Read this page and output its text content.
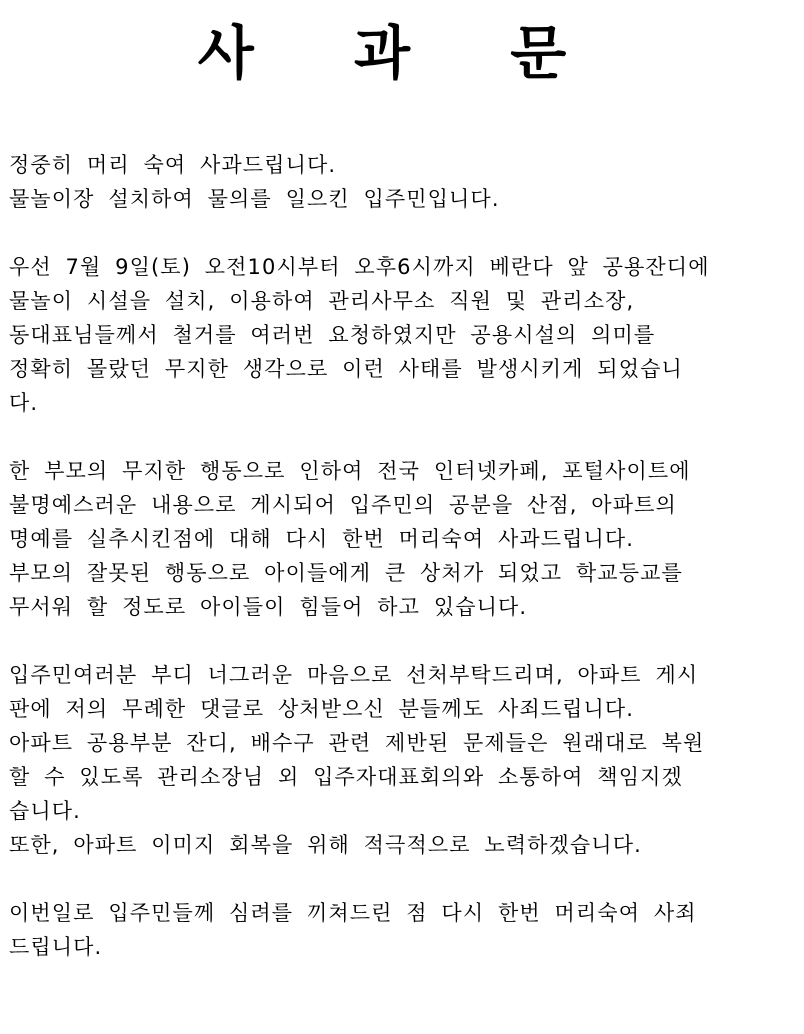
사 과 문
정중히 머리 숙여 사과드립니다.
물놀이장 설치하여 물의를 일으킨 입주민입니다.
우선 7월 9일(토) 오전10시부터 오후6시까지 베란다 앞 공용잔디에
물놀이 시설을 설치, 이용하여 관리사무소 직원 및 관리소장,
동대표님들께서 철거를 여러번 요청하였지만 공용시설의 의미를
정확히 몰랐던 무지한 생각으로 이런 사태를 발생시키게 되었습니
다.
한 부모의 무지한 행동으로 인하여 전국 인터넷카페, 포털사이트에
불명예스러운 내용으로 게시되어 입주민의 공분을 산점, 아파트의
명예를 실추시킨점에 대해 다시 한번 머리숙여 사과드립니다.
부모의 잘못된 행동으로 아이들에게 큰 상처가 되었고 학교등교를
무서워 할 정도로 아이들이 힘들어 하고 있습니다.
입주민여러분 부디 너그러운 마음으로 선처부탁드리며, 아파트 게시
판에 저의 무례한 댓글로 상처받으신 분들께도 사죄드립니다.
아파트 공용부분 잔디, 배수구 관련 제반된 문제들은 원래대로 복원
할 수 있도록 관리소장님 외 입주자대표회의와 소통하여 책임지겠
습니다.
또한, 아파트 이미지 회복을 위해 적극적으로 노력하겠습니다.
이번일로 입주민들께 심려를 끼쳐드린 점 다시 한번 머리숙여 사죄
드립니다.
